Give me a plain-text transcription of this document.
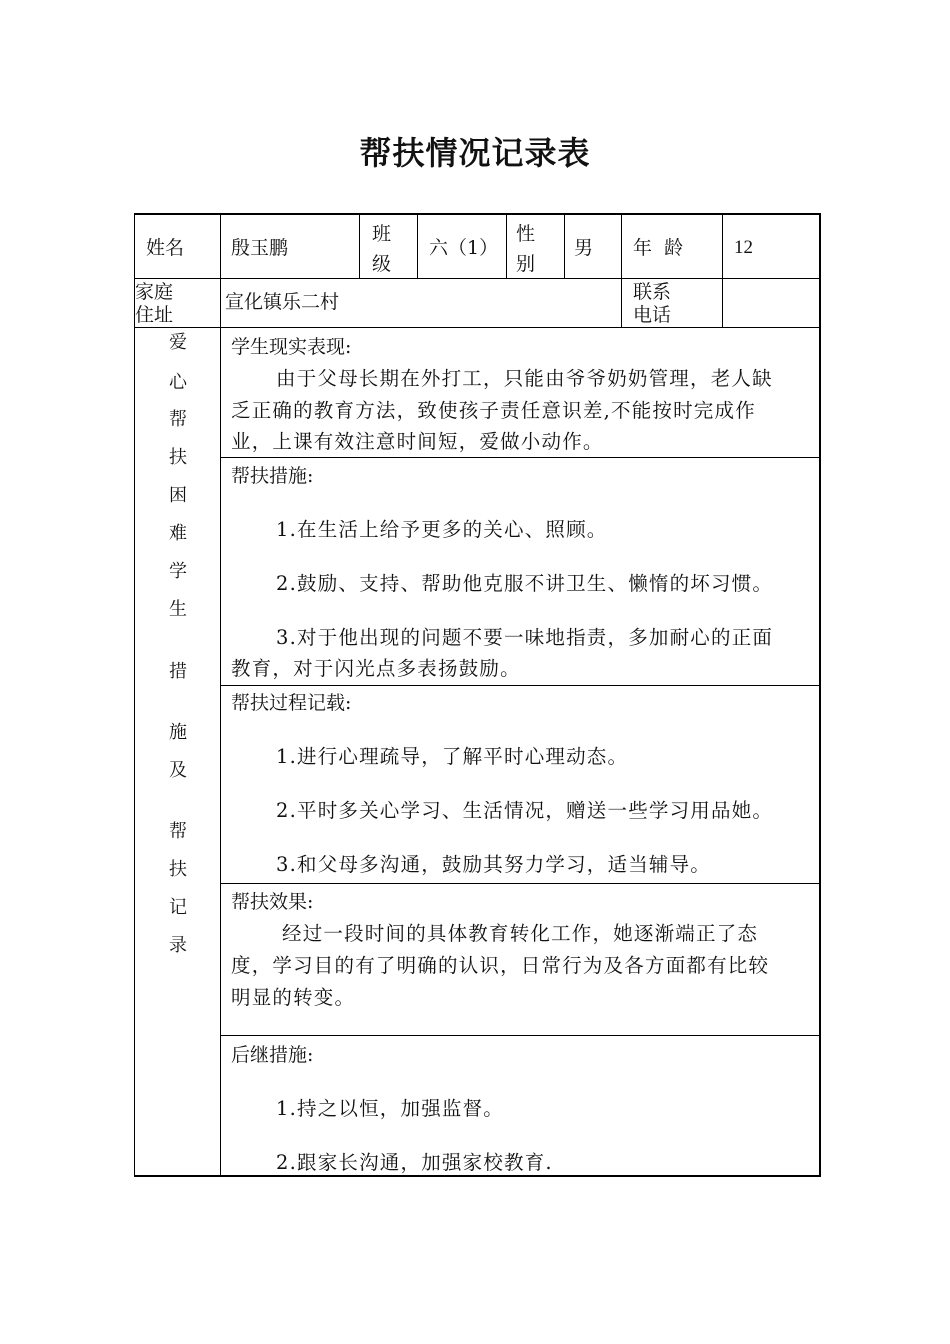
帮扶情况记录表
姓名 殷玉鹏
班
级
六（1）
性
别
男 年  龄	12
家庭
住址
宣化镇乐二村	联系
电话
爱
心
帮
扶
困
难
学
生
措
施
及
帮
扶
记
录
学生现实表现:
由于父母长期在外打工，只能由爷爷奶奶管理，老人缺
乏正确的教育方法，致使孩子责任意识差,不能按时完成作
业，上课有效注意时间短，爱做小动作。
帮扶措施:
1.在生活上给予更多的关心、照顾。
2.鼓励、支持、帮助他克服不讲卫生、懒惰的坏习惯。
3.对于他出现的问题不要一味地指责，多加耐心的正面
教育，对于闪光点多表扬鼓励。
帮扶过程记载:
1.进行心理疏导，了解平时心理动态。
2.平时多关心学习、生活情况，赠送一些学习用品她。
3.和父母多沟通，鼓励其努力学习，适当辅导。
帮扶效果:
经过一段时间的具体教育转化工作，她逐渐端正了态
度，学习目的有了明确的认识，日常行为及各方面都有比较
明显的转变。
后继措施:
1.持之以恒，加强监督。
2.跟家长沟通，加强家校教育.
